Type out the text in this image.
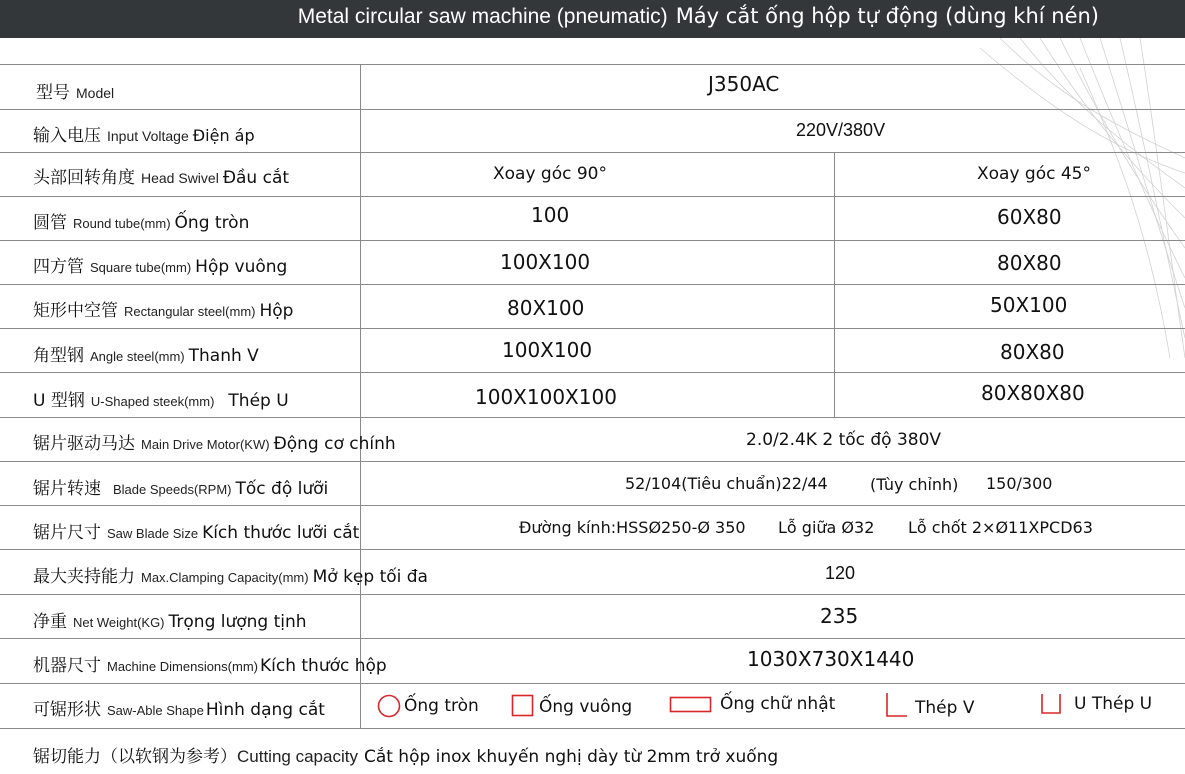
Metal circular saw machine (pneumatic) Máy cắt ống hộp tự động (dùng khí nén)
型号 Model	J350AC
输入电压 Input Voltage Điện áp	220V/380V
头部回转角度 Head Swivel Đầu cắt	Xoay góc 90°	Xoay góc 45°
圆管 Round tube(mm) Ống tròn	100	60X80
四方管 Square tube(mm) Hộp vuông	100X100	80X80
矩形中空管 Rectangular steel(mm) Hộp	80X100	50X100
角型钢 Angle steel(mm) Thanh V	100X100	80X80
U 型钢 U-Shaped steek(mm) Thép U	100X100X100	80X80X80
锯片驱动马达 Main Drive Motor(KW) Động cơ chính	2.0/2.4K 2 tốc độ 380V
锯片转速 Blade Speeds(RPM) Tốc độ lưỡi	52/104(Tiêu chuẩn)22/44	(Tùy chỉnh) 150/300
锯片尺寸 Saw Blade Size Kích thước lưỡi cắt	Đường kính:HSSØ250-Ø 350 Lỗ giữa Ø32 Lỗ chốt 2×Ø11XPCD63
最大夹持能力 Max.Clamping Capacity(mm) Mở kẹp tối đa	120
净重 Net Weight(KG) Trọng lượng tịnh	235
机器尺寸 Machine Dimensions(mm) Kích thước hộp	1030X730X1440
可锯形状 Saw-Able Shape Hình dạng cắt	Ống tròn	Ống vuông	Ống chữ nhật	Thép V	U Thép U
锯切能力（以软钢为参考）Cutting capacity Cắt hộp inox khuyến nghị dày từ 2mm trở xuống
